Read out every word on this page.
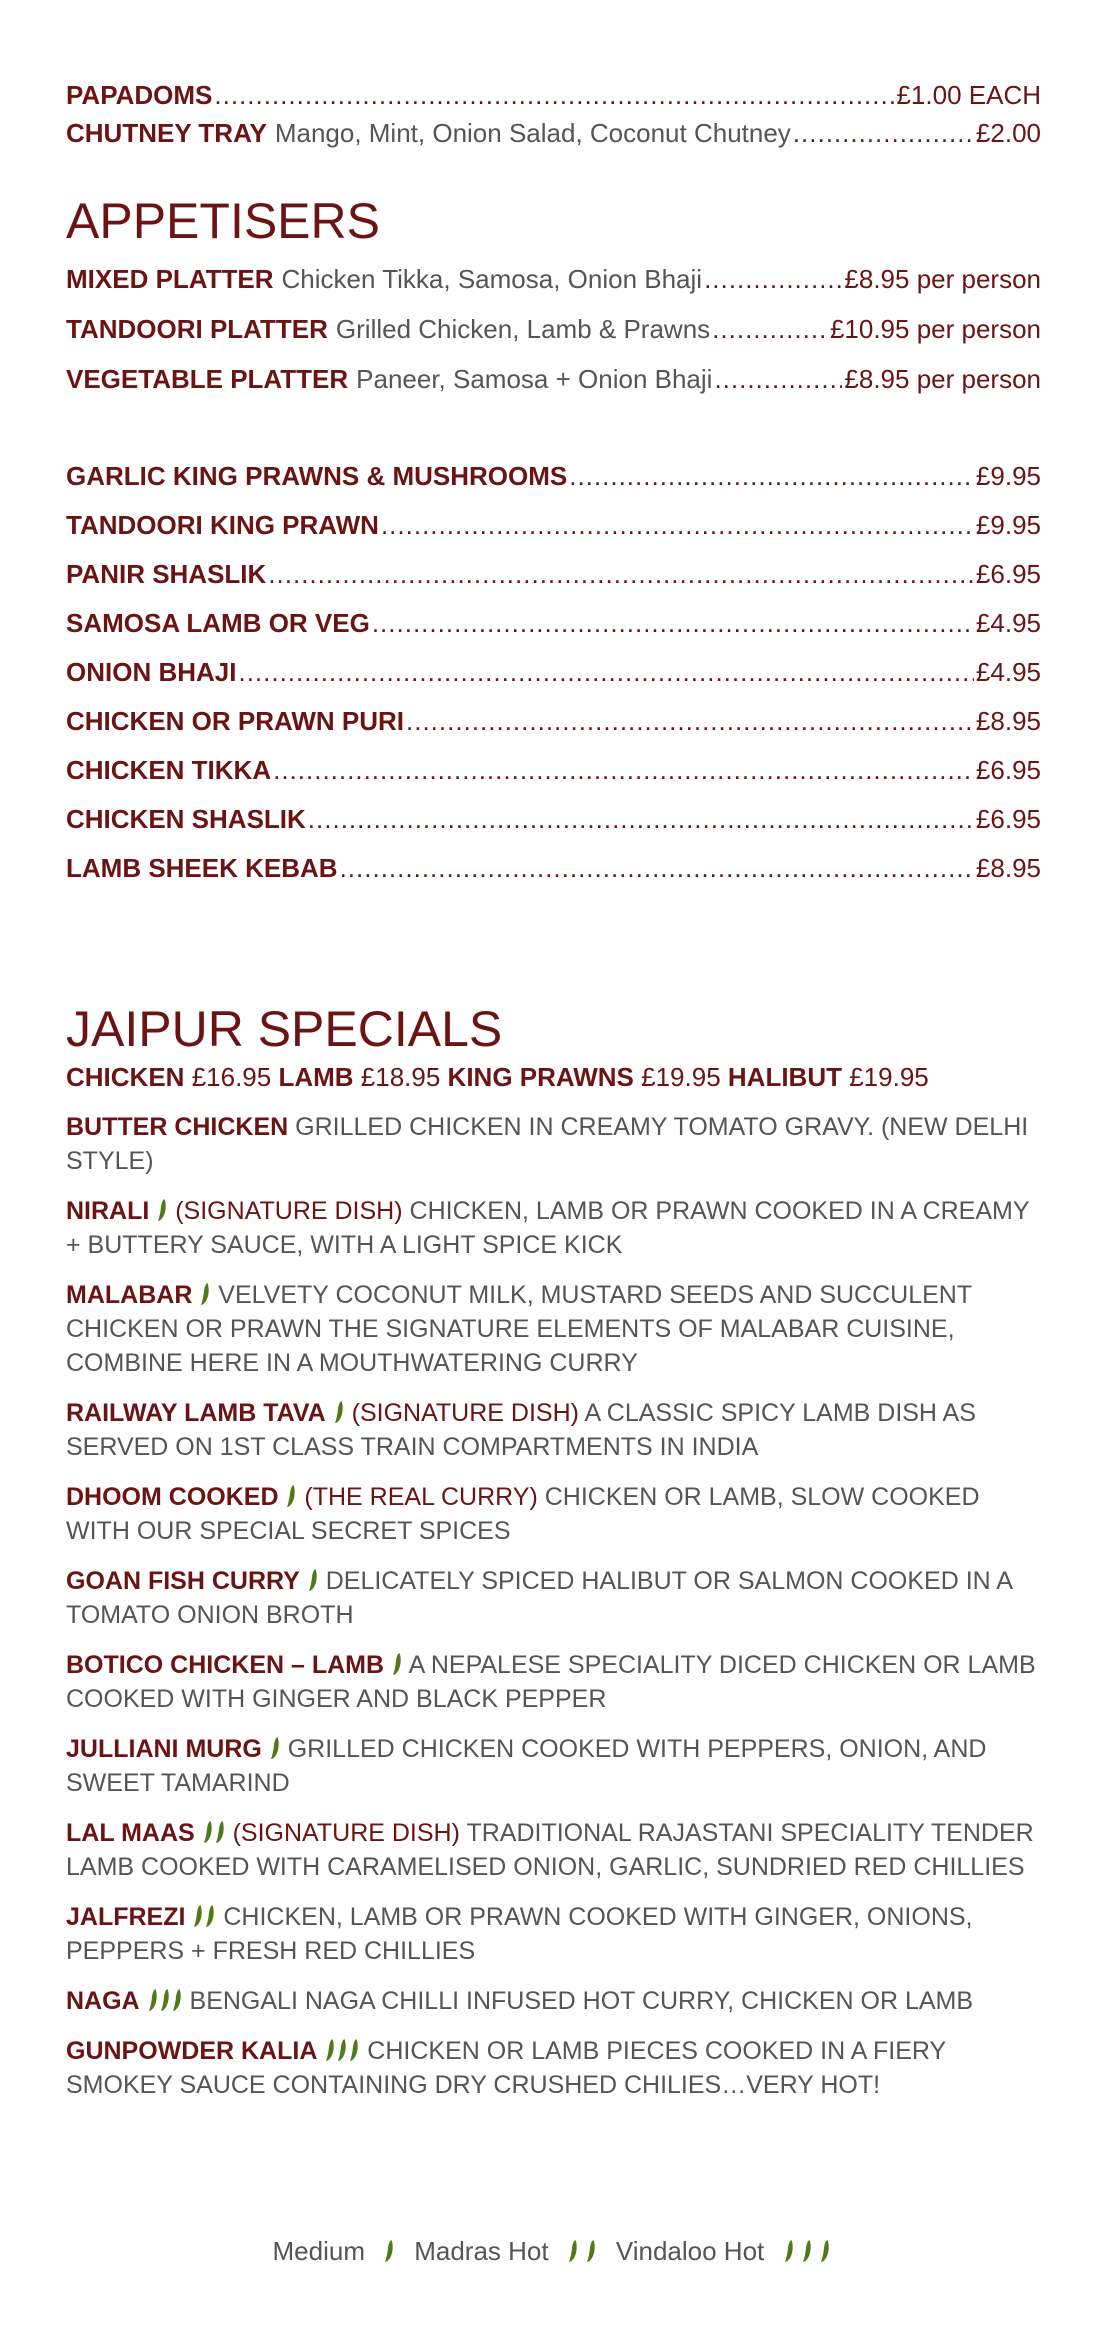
PAPADOMS .....	£1.00 EACH
CHUTNEY TRAY Mango, Mint, Onion Salad, Coconut Chutney .....	£2.00
APPETISERS
MIXED PLATTER Chicken Tikka, Samosa, Onion Bhaji .....	£8.95 per person
TANDOORI PLATTER Grilled Chicken, Lamb & Prawns .....	£10.95 per person
VEGETABLE PLATTER Paneer, Samosa + Onion Bhaji .....	£8.95 per person
GARLIC KING PRAWNS & MUSHROOMS .....	£9.95
TANDOORI KING PRAWN .....	£9.95
PANIR SHASLIK .....	£6.95
SAMOSA LAMB OR VEG .....	£4.95
ONION BHAJI .....	£4.95
CHICKEN OR PRAWN PURI .....	£8.95
CHICKEN TIKKA .....	£6.95
CHICKEN SHASLIK .....	£6.95
LAMB SHEEK KEBAB .....	£8.95
JAIPUR SPECIALS
CHICKEN £16.95 LAMB £18.95 KING PRAWNS £19.95 HALIBUT £19.95

BUTTER CHICKEN GRILLED CHICKEN IN CREAMY TOMATO GRAVY. (NEW DELHI STYLE)

NIRALI (SIGNATURE DISH) CHICKEN, LAMB OR PRAWN COOKED IN A CREAMY + BUTTERY SAUCE, WITH A LIGHT SPICE KICK

MALABAR VELVETY COCONUT MILK, MUSTARD SEEDS AND SUCCULENT CHICKEN OR PRAWN THE SIGNATURE ELEMENTS OF MALABAR CUISINE, COMBINE HERE IN A MOUTHWATERING CURRY

RAILWAY LAMB TAVA (SIGNATURE DISH) A CLASSIC SPICY LAMB DISH AS SERVED ON 1ST CLASS TRAIN COMPARTMENTS IN INDIA

DHOOM COOKED (THE REAL CURRY) CHICKEN OR LAMB, SLOW COOKED WITH OUR SPECIAL SECRET SPICES

GOAN FISH CURRY DELICATELY SPICED HALIBUT OR SALMON COOKED IN A TOMATO ONION BROTH

BOTICO CHICKEN – LAMB A NEPALESE SPECIALITY DICED CHICKEN OR LAMB COOKED WITH GINGER AND BLACK PEPPER

JULLIANI MURG GRILLED CHICKEN COOKED WITH PEPPERS, ONION, AND SWEET TAMARIND

LAL MAAS (SIGNATURE DISH) TRADITIONAL RAJASTANI SPECIALITY TENDER LAMB COOKED WITH CARAMELISED ONION, GARLIC, SUNDRIED RED CHILLIES

JALFREZI CHICKEN, LAMB OR PRAWN COOKED WITH GINGER, ONIONS, PEPPERS + FRESH RED CHILLIES

NAGA BENGALI NAGA CHILLI INFUSED HOT CURRY, CHICKEN OR LAMB

GUNPOWDER KALIA CHICKEN OR LAMB PIECES COOKED IN A FIERY SMOKEY SAUCE CONTAINING DRY CRUSHED CHILIES…VERY HOT!

Medium Madras Hot	Vindaloo Hot
